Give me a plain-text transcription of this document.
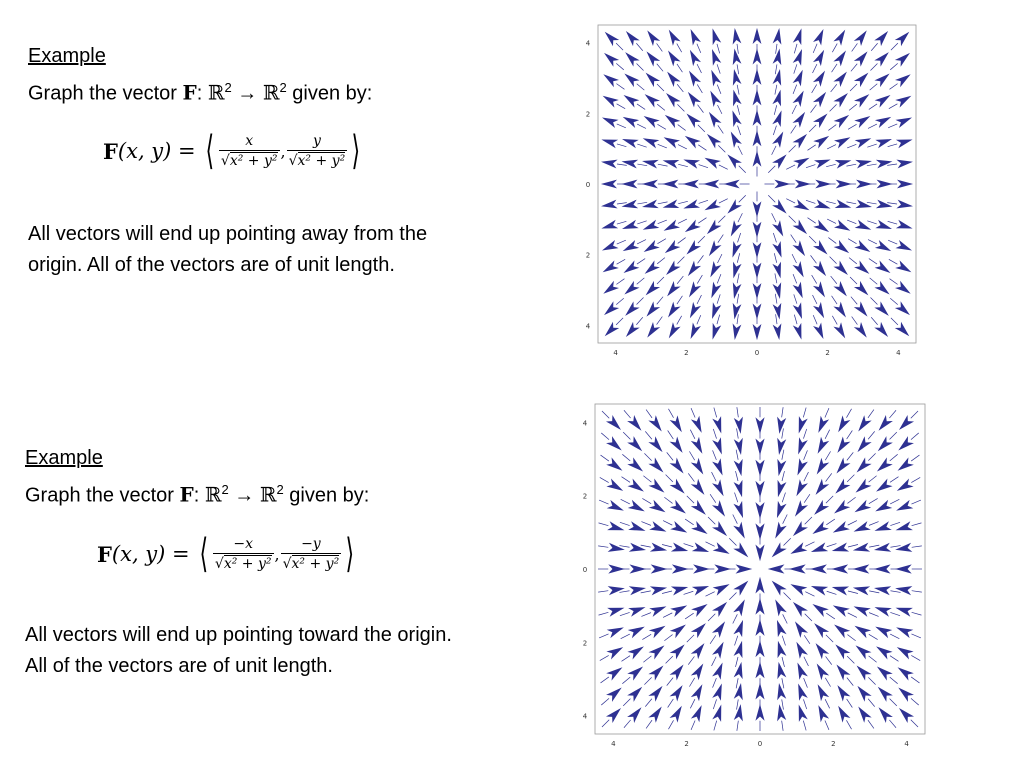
Example
Graph the vector F: ℝ$^2$ → ℝ$^2$ given by:
F (x, y) = ⟨ $\frac{x}{\text{√ x² + y²}}$ , $\frac{y}{\text{√ x² + y²}}$ ⟩
All vectors will end up pointing away from the origin. All of the vectors are of unit length.
Example
Graph the vector F: ℝ$^2$ → ℝ$^2$ given by:
F (x, y) = ⟨ $\frac{-x}{\text{√ x² + y²}}$ , $\frac{-y}{\text{√ x² + y²}}$ ⟩
All vectors will end up pointing toward the origin. All of the vectors are of unit length.
4
2
0
2
4
4	2	0	2	4
4
2
0
2
4
4	2	0	2	4
